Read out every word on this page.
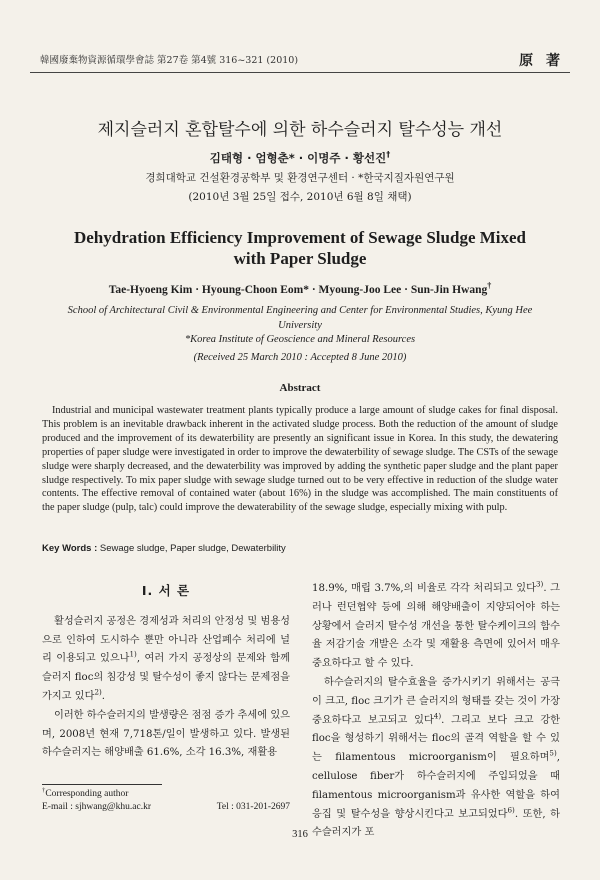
韓國廢棄物資源循環學會誌 第27卷 第4號 316~321 (2010)	原 著
제지슬러지 혼합탈수에 의한 하수슬러지 탈수성능 개선
김태형 · 엄형춘* · 이명주 · 황선진†
경희대학교 건설환경공학부 및 환경연구센터 · *한국지질자원연구원
(2010년 3월 25일 접수, 2010년 6월 8일 채택)
Dehydration Efficiency Improvement of Sewage Sludge Mixed with Paper Sludge
Tae-Hyoeng Kim · Hyoung-Choon Eom* · Myoung-Joo Lee · Sun-Jin Hwang†
School of Architectural Civil & Environmental Engineering and Center for Environmental Studies, Kyung Hee University
*Korea Institute of Geoscience and Mineral Resources
(Received 25 March 2010 : Accepted 8 June 2010)
Abstract
Industrial and municipal wastewater treatment plants typically produce a large amount of sludge cakes for final disposal. This problem is an inevitable drawback inherent in the activated sludge process. Both the reduction of the amount of sludge produced and the improvement of its dewaterbility are presently an significant issue in Korea. In this study, the dewatering properties of paper sludge were investigated in order to improve the dewaterbility of sewage sludge. The CSTs of the sewage sludge were sharply decreased, and the dewaterbility was improved by adding the synthetic paper sludge and the plant paper sludge respectively. To mix paper sludge with sewage sludge turned out to be very effective in reduction of the sludge water contents. The effective removal of contained water (about 16%) in the sludge was accomplished. The main constituents of the paper sludge (pulp, talc) could improve the dewaterability of the sewage sludge, especially mixing with pulp.
Key Words : Sewage sludge, Paper sludge, Dewaterbility
I. 서 론

활성슬러지 공정은 경제성과 처리의 안정성 및 범용성으로 인하여 도시하수 뿐만 아니라 산업폐수 처리에 널리 이용되고 있으나$^{1)}$, 여러 가지 공정상의 문제와 함께 슬러지 floc의 침강성 및 탈수성이 좋지 않다는 문제점을 가지고 있다$^{2)}$.

이러한 하수슬러지의 발생량은 점점 증가 추세에 있으며, 2008년 현재 7,718톤/일이 발생하고 있다. 발생된 하수슬러지는 해양배출 61.6%, 소각 16.3%, 재활용

18.9%, 매립 3.7%,의 비율로 각각 처리되고 있다$^{3)}$. 그러나 런던협약 등에 의해 해양배출이 지양되어야 하는 상황에서 슬러지 탈수성 개선을 통한 탈수케이크의 함수율 저감기술 개발은 소각 및 재활용 측면에 있어서 매우 중요하다고 할 수 있다.

하수슬러지의 탈수효율을 증가시키기 위해서는 공극이 크고, floc 크기가 큰 슬러지의 형태를 갖는 것이 가장 중요하다고 보고되고 있다$^{4)}$. 그리고 보다 크고 강한 floc을 형성하기 위해서는 floc의 골격 역할을 할 수 있는 filamentous microorganism이 필요하며$^{5)}$, cellulose fiber가 하수슬러지에 주입되었을 때 filamentous microorganism과 유사한 역할을 하여 응집 및 탈수성을 향상시킨다고 보고되었다$^{6)}$. 또한, 하수슬러지가 포

†Corresponding author
E-mail : sjhwang@khu.ac.kr	Tel : 031-201-2697
316
